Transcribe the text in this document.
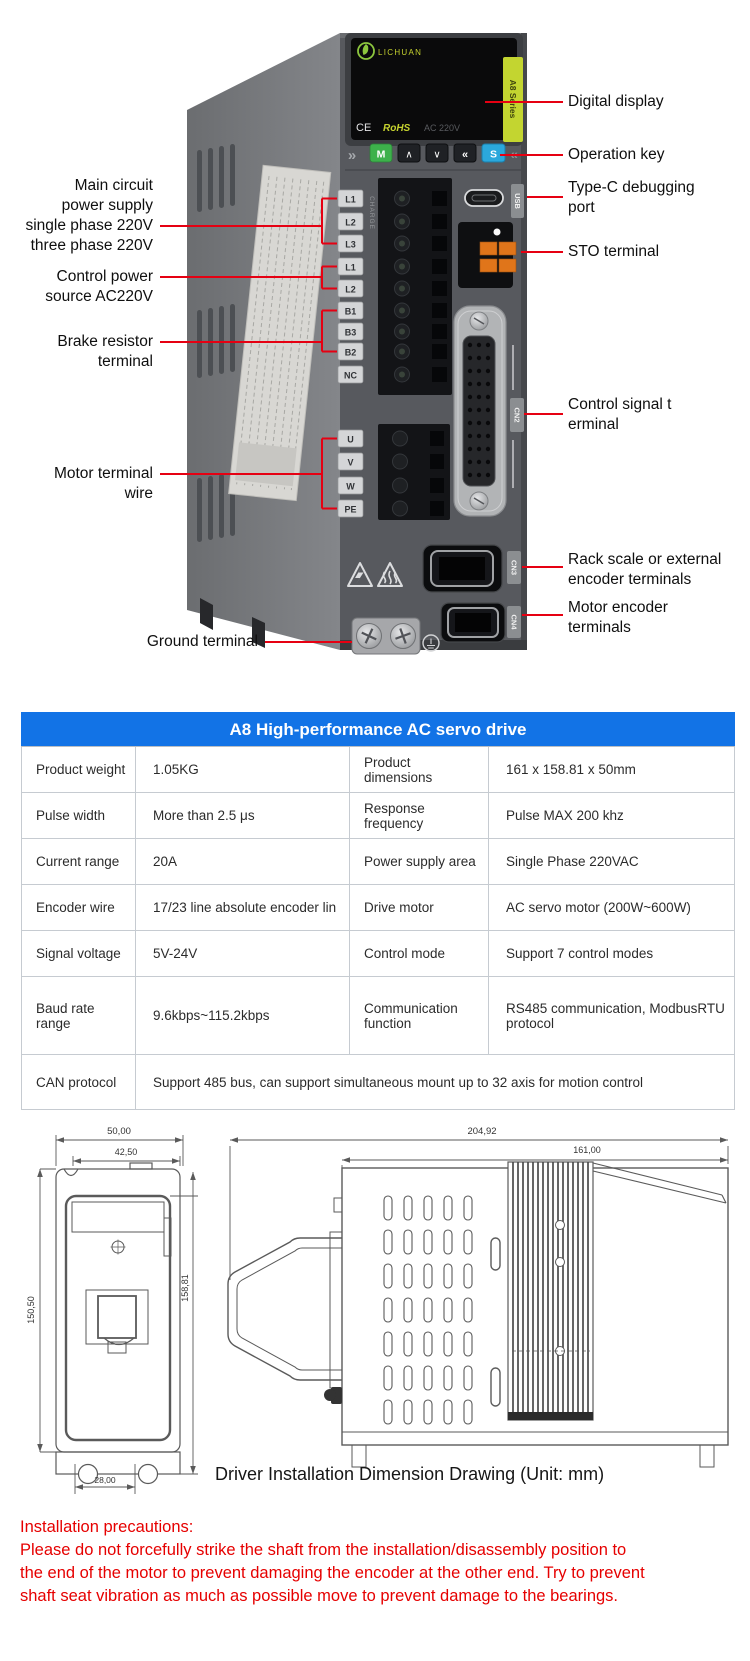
A8 Series
LICHUAN
CE RoHS AC 220V
» M ∧ ∨ « S «
L1
L2
L3
L1
L2
B1
B3
B2
NC
CHARGE
U
V
W
PE
USB
CN2
CN3
CN4
Main circuit
power supply
single phase 220V
three phase 220V
Control power
source AC220V
Brake resistor
terminal
Motor terminal
wire
Ground terminal
Digital display
Operation key
Type-C debugging
port
STO terminal
Control signal t
erminal
Rack scale or external
encoder terminals
Motor encoder
terminals
A8 High-performance AC servo drive			
Product weight	1.05KG	Product dimensions	161 x 158.81 x 50mm
Pulse width	More than 2.5 μs	Response frequency	Pulse MAX 200 khz
Current range	20A	Power supply area	Single Phase 220VAC
Encoder wire	17/23 line absolute encoder lin	Drive motor	AC servo motor (200W~600W)
Signal voltage	5V-24V	Control mode	Support 7 control modes
Baud rate range	9.6kbps~115.2kbps	Communication function	RS485 communication, ModbusRTU protocol
CAN protocol	Support 485 bus, can support simultaneous mount up to 32 axis for motion control		
50,00
42,50
150,50
158,81
28,00
204,92
161,00
Driver Installation Dimension Drawing (Unit: mm)
Installation precautions:
Please do not forcefully strike the shaft from the installation/disassembly position to
the end of the motor to prevent damaging the encoder at the other end. Try to prevent
shaft seat vibration as much as possible move to prevent damage to the bearings.
